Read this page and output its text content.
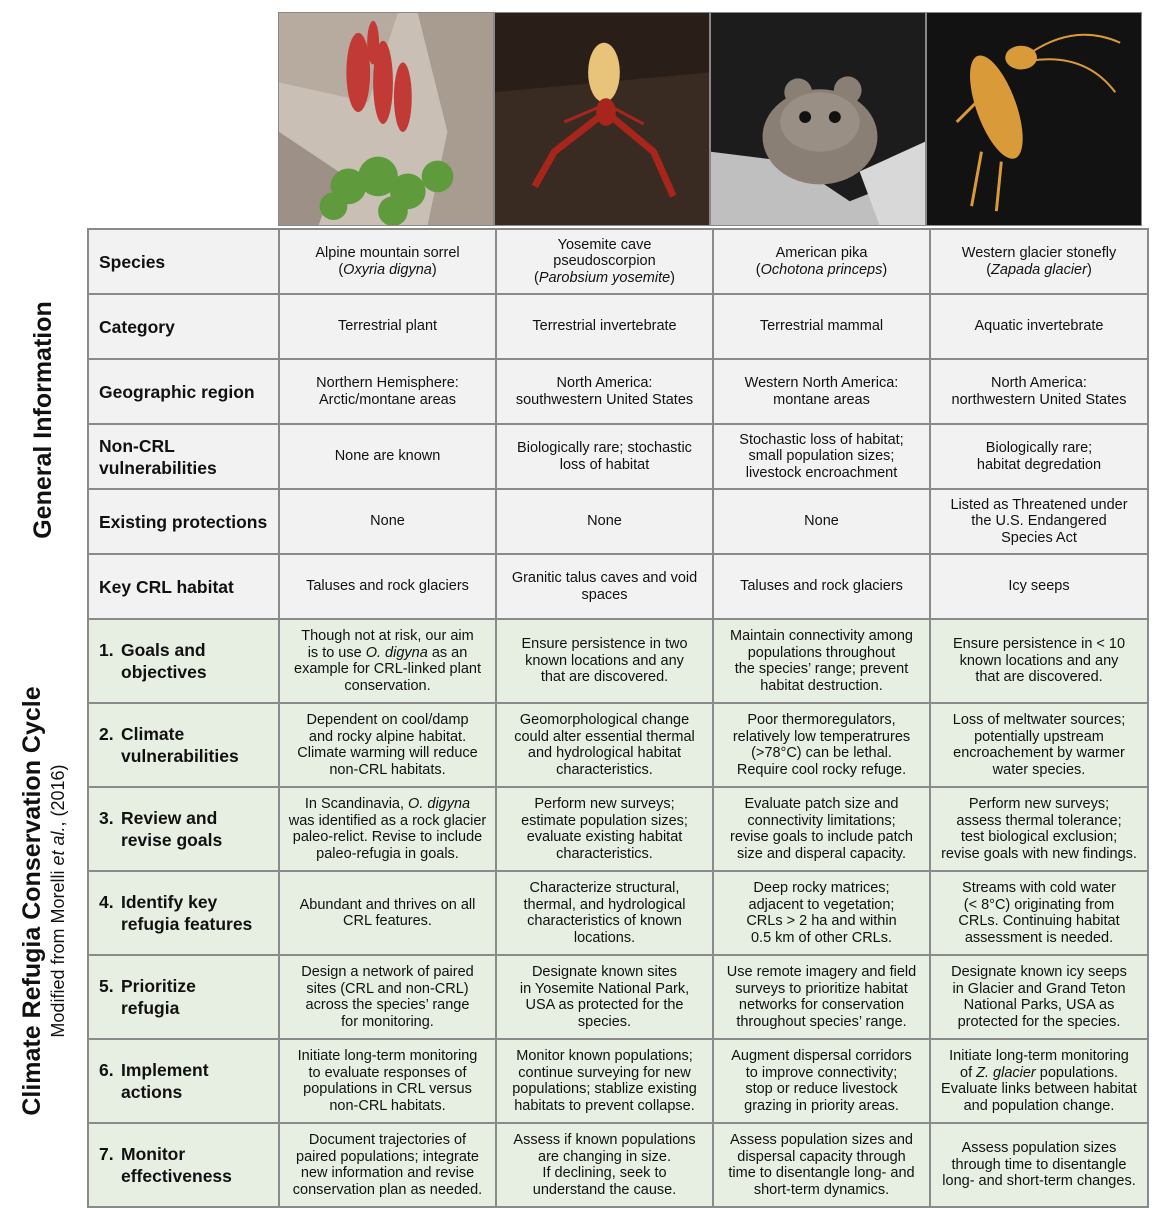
General Information
Climate Refugia Conservation Cycle Modified from Morelli et al., (2016)
Species	Alpine mountain sorrel
(Oxyria digyna)	Yosemite cave
pseudoscorpion
(Parobsium yosemite)	American pika
(Ochotona princeps)	Western glacier stonefly
(Zapada glacier)
Category	Terrestrial plant	Terrestrial invertebrate	Terrestrial mammal	Aquatic invertebrate
Geographic region	Northern Hemisphere:
Arctic/montane areas	North America:
southwestern United States	Western North America:
montane areas	North America:
northwestern United States
Non-CRL
vulnerabilities	None are known	Biologically rare; stochastic
loss of habitat	Stochastic loss of habitat;
small population sizes;
livestock encroachment	Biologically rare;
habitat degredation
Existing protections	None	None	None	Listed as Threatened under
the U.S. Endangered
Species Act
Key CRL habitat	Taluses and rock glaciers	Granitic talus caves and void
spaces	Taluses and rock glaciers	Icy seeps
1. Goals and
objectives	Though not at risk, our aim
is to use O. digyna as an
example for CRL-linked plant
conservation.	Ensure persistence in two
known locations and any
that are discovered.	Maintain connectivity among
populations throughout
the species’ range; prevent
habitat destruction.	Ensure persistence in < 10
known locations and any
that are discovered.
2. Climate
vulnerabilities	Dependent on cool/damp
and rocky alpine habitat.
Climate warming will reduce
non-CRL habitats.	Geomorphological change
could alter essential thermal
and hydrological habitat
characteristics.	Poor thermoregulators,
relatively low temperatrures
(>78°C) can be lethal.
Require cool rocky refuge.	Loss of meltwater sources;
potentially upstream
encroachement by warmer
water species.
3. Review and
revise goals	In Scandinavia, O. digyna
was identified as a rock glacier
paleo-relict. Revise to include
paleo-refugia in goals.	Perform new surveys;
estimate population sizes;
evaluate existing habitat
characteristics.	Evaluate patch size and
connectivity limitations;
revise goals to include patch
size and disperal capacity.	Perform new surveys;
assess thermal tolerance;
test biological exclusion;
revise goals with new findings.
4. Identify key
refugia features	Abundant and thrives on all
CRL features.	Characterize structural,
thermal, and hydrological
characteristics of known
locations.	Deep rocky matrices;
adjacent to vegetation;
CRLs > 2 ha and within
0.5 km of other CRLs.	Streams with cold water
(< 8°C) originating from
CRLs. Continuing habitat
assessment is needed.
5. Prioritize
refugia	Design a network of paired
sites (CRL and non-CRL)
across the species’ range
for monitoring.	Designate known sites
in Yosemite National Park,
USA as protected for the
species.	Use remote imagery and field
surveys to prioritize habitat
networks for conservation
throughout species’ range.	Designate known icy seeps
in Glacier and Grand Teton
National Parks, USA as
protected for the species.
6. Implement
actions	Initiate long-term monitoring
to evaluate responses of
populations in CRL versus
non-CRL habitats.	Monitor known populations;
continue surveying for new
populations; stablize existing
habitats to prevent collapse.	Augment dispersal corridors
to improve connectivity;
stop or reduce livestock
grazing in priority areas.	Initiate long-term monitoring
of Z. glacier populations.
Evaluate links between habitat
and population change.
7. Monitor
effectiveness	Document trajectories of
paired populations; integrate
new information and revise
conservation plan as needed.	Assess if known populations
are changing in size.
If declining, seek to
understand the cause.	Assess population sizes and
dispersal capacity through
time to disentangle long- and
short-term dynamics.	Assess population sizes
through time to disentangle
long- and short-term changes.
